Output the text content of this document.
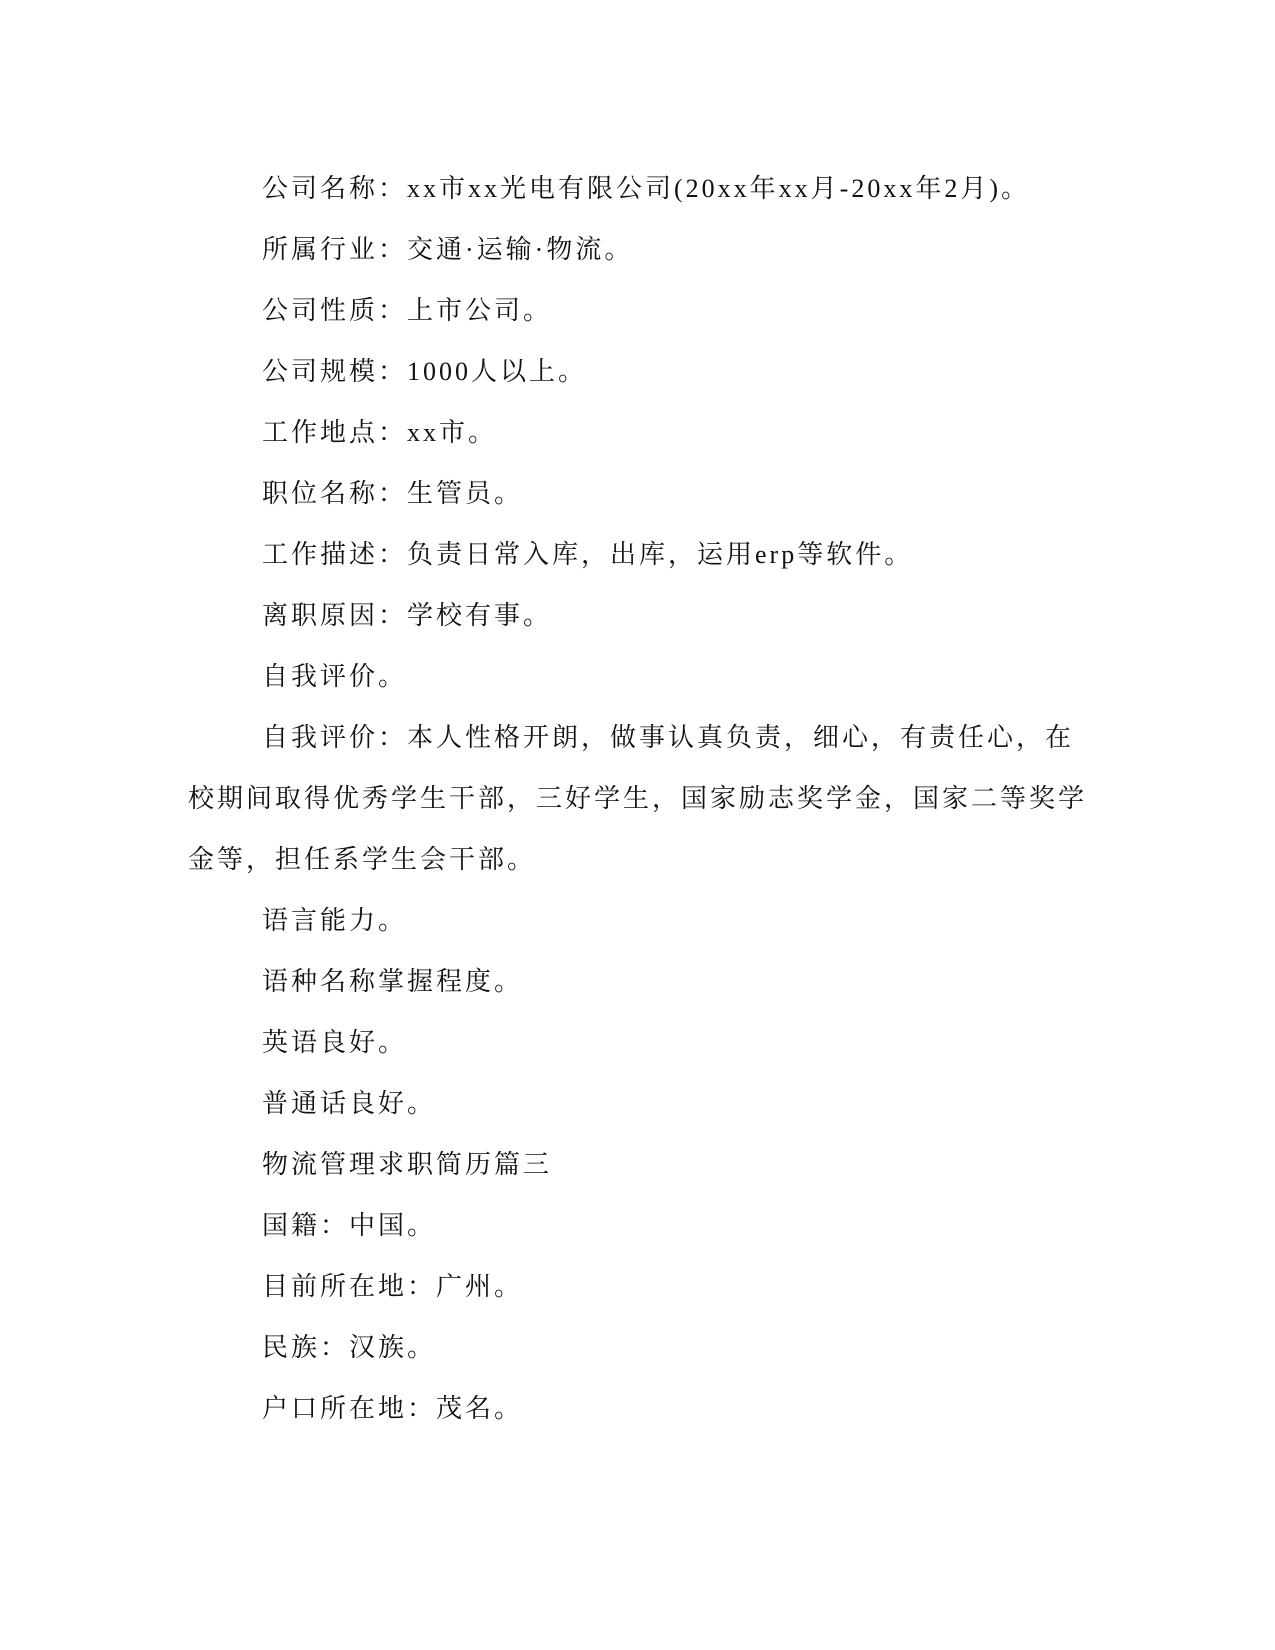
公司名称：xx市xx光电有限公司(20xx年xx月-20xx年2月)。

所属行业：交通·运输·物流。

公司性质：上市公司。

公司规模：1000人以上。

工作地点：xx市。

职位名称：生管员。

工作描述：负责日常入库，出库，运用erp等软件。

离职原因：学校有事。

自我评价。

自我评价：本人性格开朗，做事认真负责，细心，有责任心，在校期间取得优秀学生干部，三好学生，国家励志奖学金，国家二等奖学金等，担任系学生会干部。

语言能力。

语种名称掌握程度。

英语良好。

普通话良好。

物流管理求职简历篇三

国籍：中国。

目前所在地：广州。

民族：汉族。

户口所在地：茂名。
